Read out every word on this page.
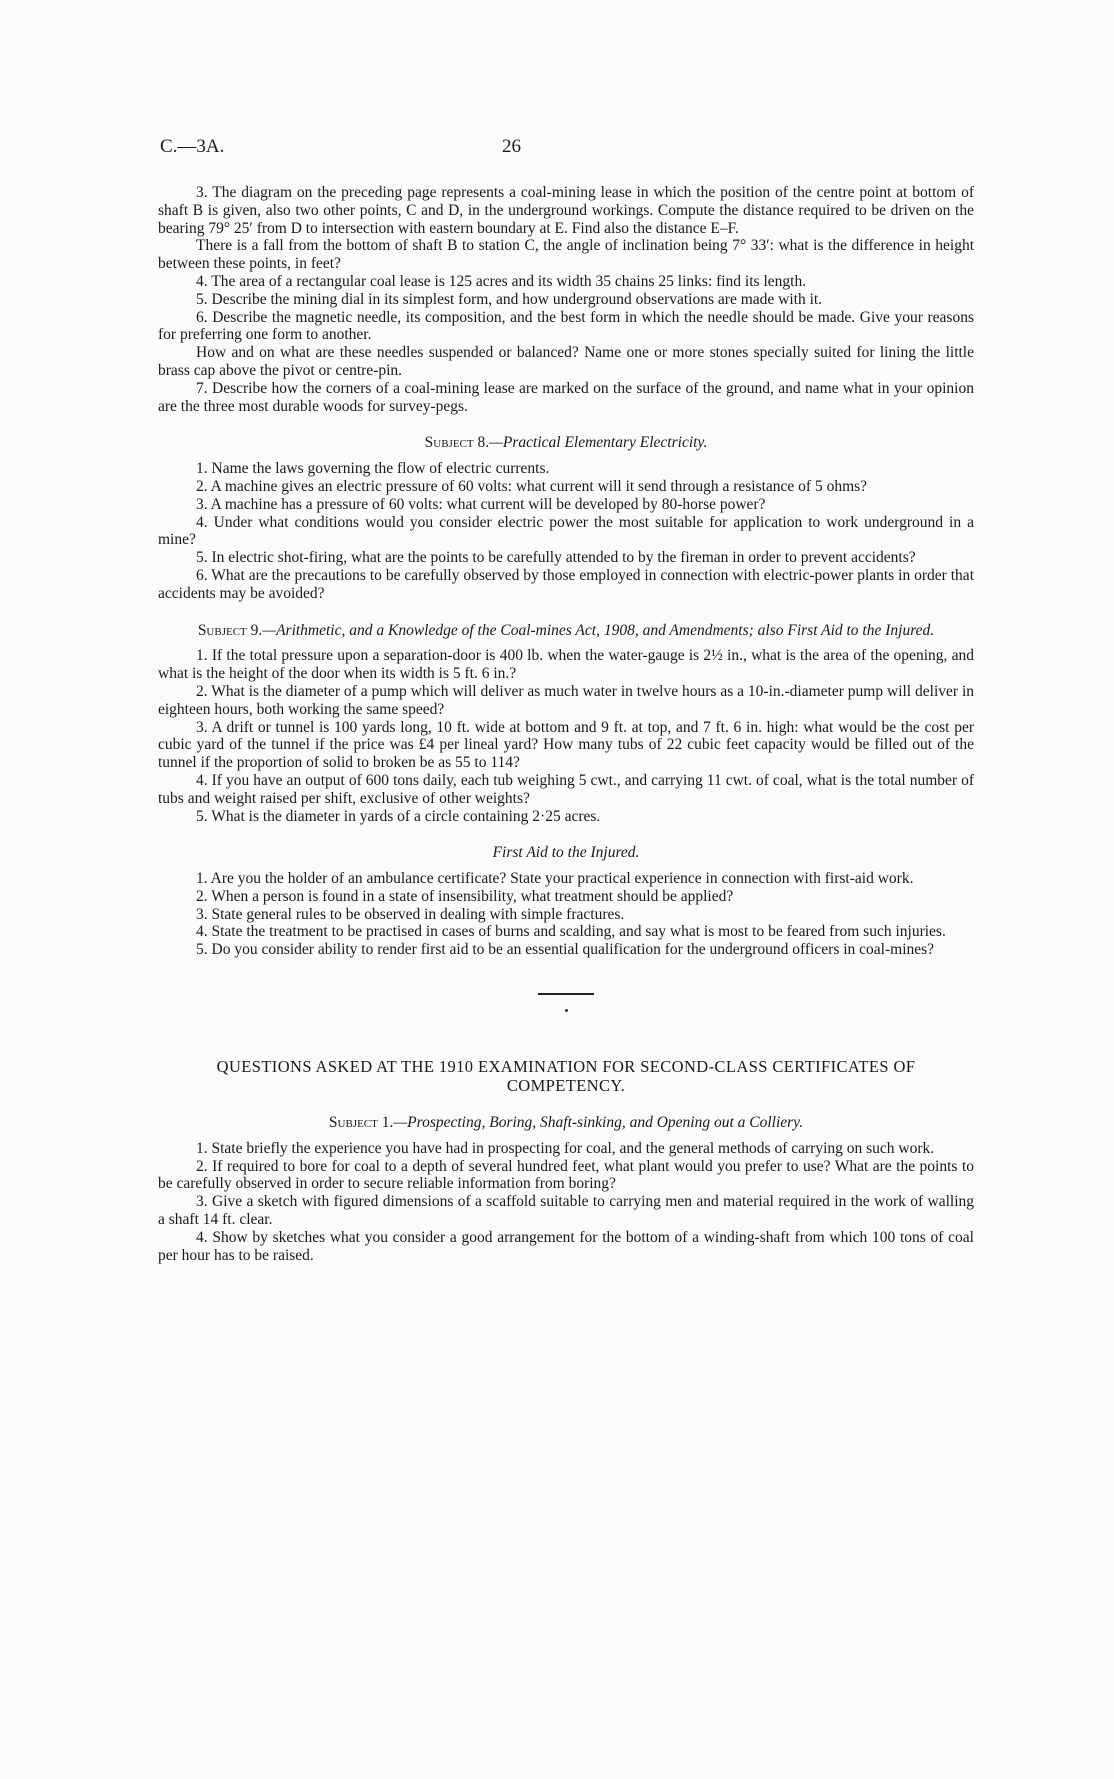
C.—3A.	26

3. The diagram on the preceding page represents a coal-mining lease in which the position of the centre point at bottom of shaft B is given, also two other points, C and D, in the underground workings. Compute the distance required to be driven on the bearing 79° 25′ from D to intersection with eastern boundary at E. Find also the distance E–F.

There is a fall from the bottom of shaft B to station C, the angle of inclination being 7° 33′: what is the difference in height between these points, in feet?

4. The area of a rectangular coal lease is 125 acres and its width 35 chains 25 links: find its length.

5. Describe the mining dial in its simplest form, and how underground observations are made with it.

6. Describe the magnetic needle, its composition, and the best form in which the needle should be made. Give your reasons for preferring one form to another.

How and on what are these needles suspended or balanced? Name one or more stones specially suited for lining the little brass cap above the pivot or centre-pin.

7. Describe how the corners of a coal-mining lease are marked on the surface of the ground, and name what in your opinion are the three most durable woods for survey-pegs.

Subject 8.—Practical Elementary Electricity.

1. Name the laws governing the flow of electric currents.

2. A machine gives an electric pressure of 60 volts: what current will it send through a resistance of 5 ohms?

3. A machine has a pressure of 60 volts: what current will be developed by 80-horse power?

4. Under what conditions would you consider electric power the most suitable for application to work underground in a mine?

5. In electric shot-firing, what are the points to be carefully attended to by the fireman in order to prevent accidents?

6. What are the precautions to be carefully observed by those employed in connection with electric-power plants in order that accidents may be avoided?

Subject 9.—Arithmetic, and a Knowledge of the Coal-mines Act, 1908, and Amendments; also First Aid to the Injured.

1. If the total pressure upon a separation-door is 400 lb. when the water-gauge is 2½ in., what is the area of the opening, and what is the height of the door when its width is 5 ft. 6 in.?

2. What is the diameter of a pump which will deliver as much water in twelve hours as a 10-in.-diameter pump will deliver in eighteen hours, both working the same speed?

3. A drift or tunnel is 100 yards long, 10 ft. wide at bottom and 9 ft. at top, and 7 ft. 6 in. high: what would be the cost per cubic yard of the tunnel if the price was £4 per lineal yard? How many tubs of 22 cubic feet capacity would be filled out of the tunnel if the proportion of solid to broken be as 55 to 114?

4. If you have an output of 600 tons daily, each tub weighing 5 cwt., and carrying 11 cwt. of coal, what is the total number of tubs and weight raised per shift, exclusive of other weights?

5. What is the diameter in yards of a circle containing 2·25 acres.

First Aid to the Injured.

1. Are you the holder of an ambulance certificate? State your practical experience in connection with first-aid work.

2. When a person is found in a state of insensibility, what treatment should be applied?

3. State general rules to be observed in dealing with simple fractures.

4. State the treatment to be practised in cases of burns and scalding, and say what is most to be feared from such injuries.

5. Do you consider ability to render first aid to be an essential qualification for the underground officers in coal-mines?

QUESTIONS ASKED AT THE 1910 EXAMINATION FOR SECOND-CLASS CERTIFICATES OF COMPETENCY.
Subject 1.—Prospecting, Boring, Shaft-sinking, and Opening out a Colliery.

1. State briefly the experience you have had in prospecting for coal, and the general methods of carrying on such work.

2. If required to bore for coal to a depth of several hundred feet, what plant would you prefer to use? What are the points to be carefully observed in order to secure reliable information from boring?

3. Give a sketch with figured dimensions of a scaffold suitable to carrying men and material required in the work of walling a shaft 14 ft. clear.

4. Show by sketches what you consider a good arrangement for the bottom of a winding-shaft from which 100 tons of coal per hour has to be raised.
